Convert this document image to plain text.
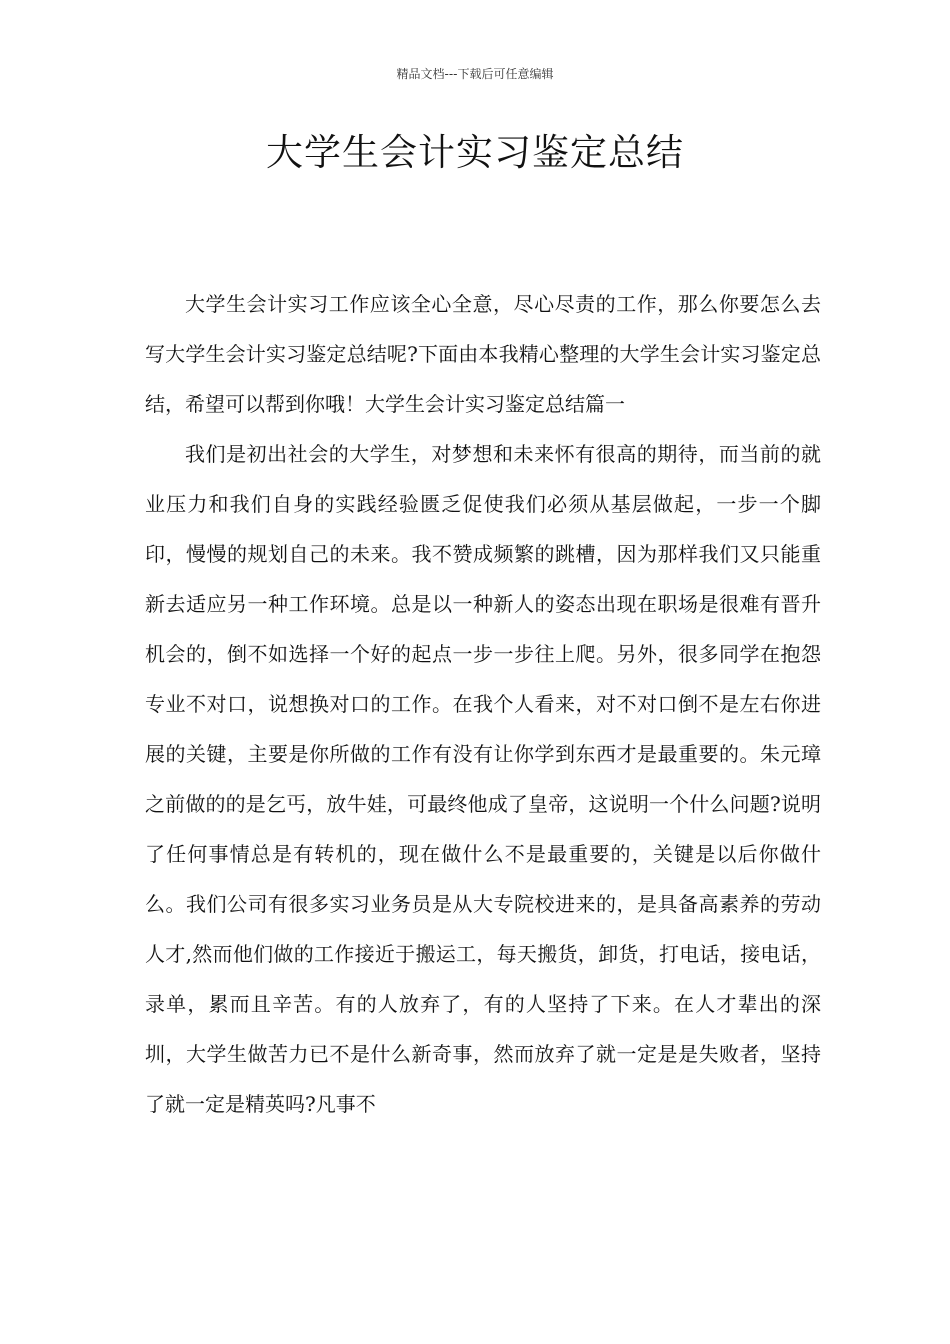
精品文档---下载后可任意编辑
大学生会计实习鉴定总结

大学生会计实习工作应该全心全意，尽心尽责的工作，那么你要怎么去写大学生会计实习鉴定总结呢?下面由本我精心整理的大学生会计实习鉴定总结，希望可以帮到你哦！大学生会计实习鉴定总结篇一

我们是初出社会的大学生，对梦想和未来怀有很高的期待，而当前的就业压力和我们自身的实践经验匮乏促使我们必须从基层做起，一步一个脚印，慢慢的规划自己的未来。我不赞成频繁的跳槽，因为那样我们又只能重新去适应另一种工作环境。总是以一种新人的姿态出现在职场是很难有晋升机会的，倒不如选择一个好的起点一步一步往上爬。另外，很多同学在抱怨专业不对口，说想换对口的工作。在我个人看来，对不对口倒不是左右你进展的关键，主要是你所做的工作有没有让你学到东西才是最重要的。朱元璋之前做的的是乞丐，放牛娃，可最终他成了皇帝，这说明一个什么问题?说明了任何事情总是有转机的，现在做什么不是最重要的，关键是以后你做什么。我们公司有很多实习业务员是从大专院校进来的，是具备高素养的劳动人才,然而他们做的工作接近于搬运工，每天搬货，卸货，打电话，接电话，录单，累而且辛苦。有的人放弃了，有的人坚持了下来。在人才辈出的深圳，大学生做苦力已不是什么新奇事，然而放弃了就一定是是失败者，坚持了就一定是精英吗?凡事不
